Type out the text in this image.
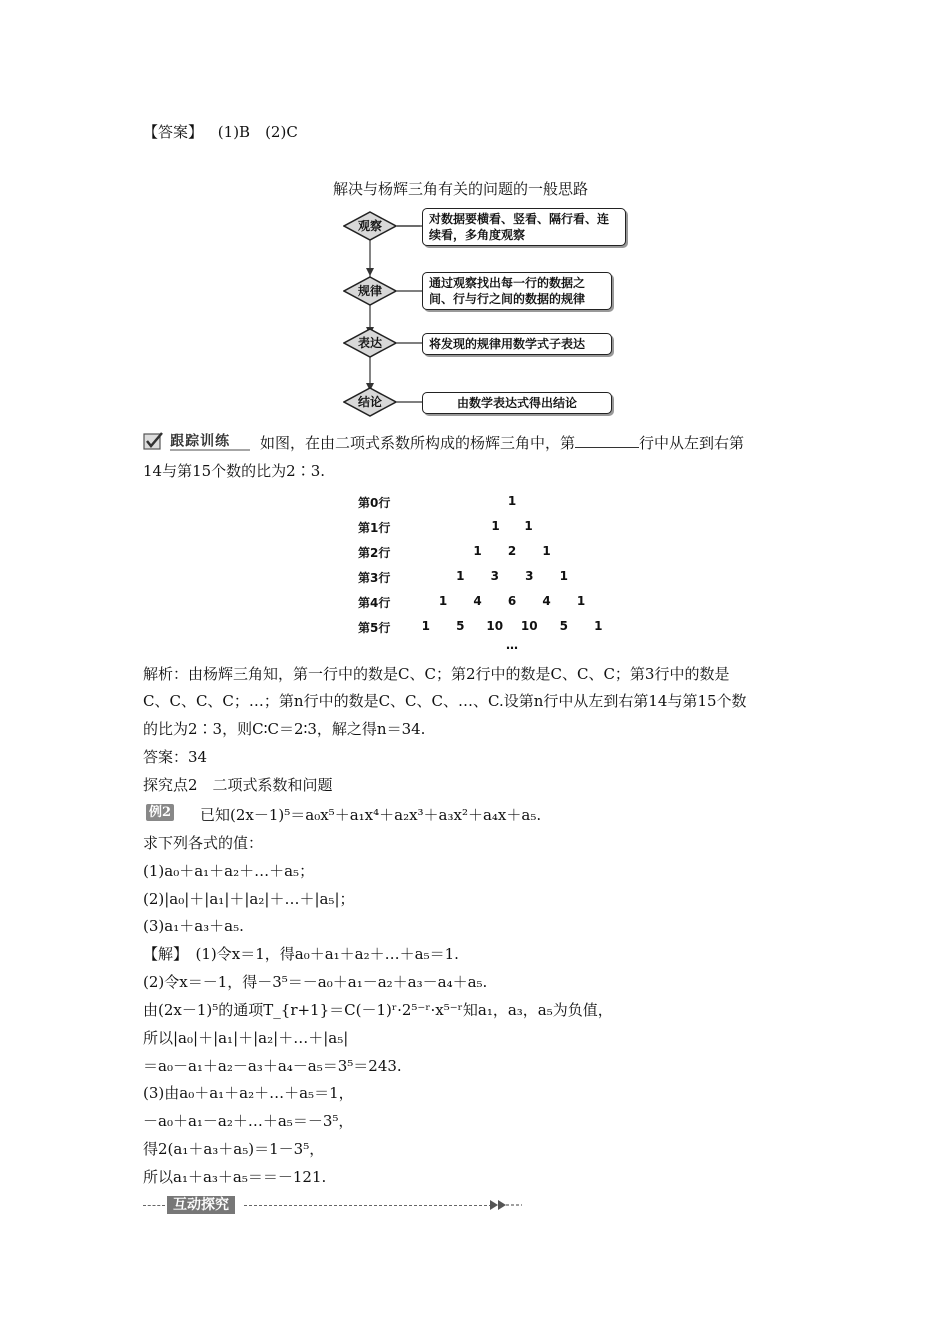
【答案】 (1)B　(2)C
解决与杨辉三角有关的问题的一般思路
观察	对数据要横看、竖看、隔行看、连续看，多角度观察
规律
通过观察找出每一行的数据之间、行与行之间的数据的规律
表达	将发现的规律用数学式子表达
结论	由数学表达式得出结论
跟踪训练 如图，在由二项式系数所构成的杨辉三角中，第	行中从左到右第
14与第15个数的比为2∶3.
第0行	1
第1行	1	1
第2行	1	2	1
第3行	1	3	3	1
第4行	1	4	6	4	1
第5行	1	5	10	10	5	1
…
解析：由杨辉三角知，第一行中的数是C、C；第2行中的数是C、C、C；第3行中的数是
C、C、C、C；…；第n行中的数是C、C、C、…、C.设第n行中从左到右第14与第15个数
的比为2∶3，则C∶C＝2∶3，解之得n＝34.
答案：34
探究点2　二项式系数和问题
例2 已知(2x－1)⁵＝a₀x⁵＋a₁x⁴＋a₂x³＋a₃x²＋a₄x＋a₅.
求下列各式的值：
(1)a₀＋a₁＋a₂＋…＋a₅；
(2)|a₀|＋|a₁|＋|a₂|＋…＋|a₅|；
(3)a₁＋a₃＋a₅.
【解】　(1)令x＝1，得a₀＋a₁＋a₂＋…＋a₅＝1.
(2)令x＝－1，得－3⁵＝－a₀＋a₁－a₂＋a₃－a₄＋a₅.
由(2x－1)⁵的通项T_{r+1}＝C(－1)ʳ·2⁵⁻ʳ·x⁵⁻ʳ知a₁，a₃，a₅为负值，
所以|a₀|＋|a₁|＋|a₂|＋…＋|a₅|
＝a₀－a₁＋a₂－a₃＋a₄－a₅＝3⁵＝243.
(3)由a₀＋a₁＋a₂＋…＋a₅＝1，
－a₀＋a₁－a₂＋…＋a₅＝－3⁵，
得2(a₁＋a₃＋a₅)＝1－3⁵，
所以a₁＋a₃＋a₅＝＝－121.
互动探究
